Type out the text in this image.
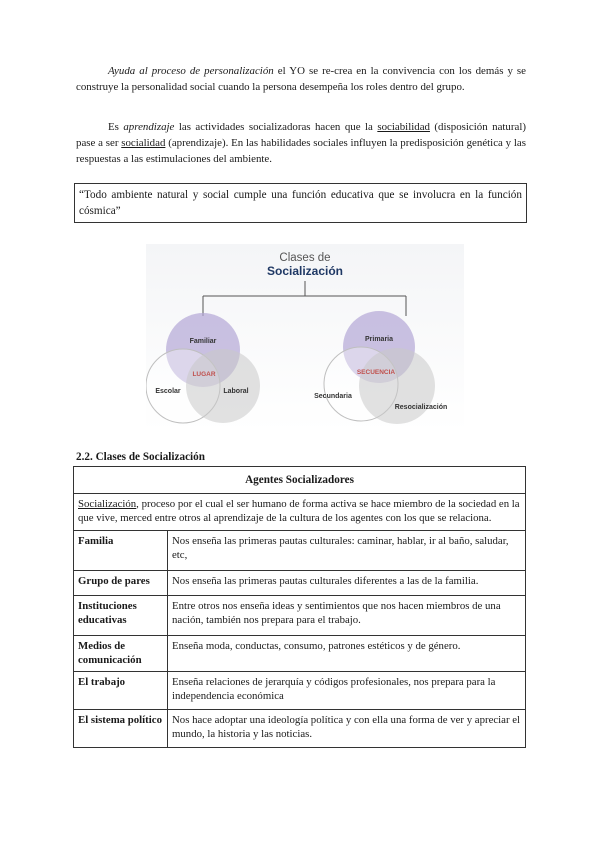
Ayuda al proceso de personalización el YO se re-crea en la convivencia con los demás y se construye la personalidad social cuando la persona desempeña los roles dentro del grupo.

Es aprendizaje las actividades socializadoras hacen que la sociabilidad (disposición natural) pase a ser socialidad (aprendizaje). En las habilidades sociales influyen la predisposición genética y las respuestas a las estimulaciones del ambiente.

“Todo ambiente natural y social cumple una función educativa que se involucra en la función cósmica”
Clases de
Socialización
Familiar
LUGAR
Escolar	Laboral
Primaria
SECUENCIA
Secundaria
Resocialización
2.2. Clases de Socialización
Agentes Socializadores	
Socialización, proceso por el cual el ser humano de forma activa se hace miembro de la sociedad en la que vive, merced entre otros al aprendizaje de la cultura de los agentes con los que se relaciona.	
Familia	Nos enseña las primeras pautas culturales: caminar, hablar, ir al baño, saludar, etc,
Grupo de pares	Nos enseña las primeras pautas culturales diferentes a las de la familia.
Instituciones educativas	Entre otros nos enseña ideas y sentimientos que nos hacen miembros de una nación, también nos prepara para el trabajo.
Medios de comunicación	Enseña moda, conductas, consumo, patrones estéticos y de género.
El trabajo	Enseña relaciones de jerarquía y códigos profesionales, nos prepara para la independencia económica
El sistema político	Nos hace adoptar una ideología política y con ella una forma de ver y apreciar el mundo, la historia y las noticias.
